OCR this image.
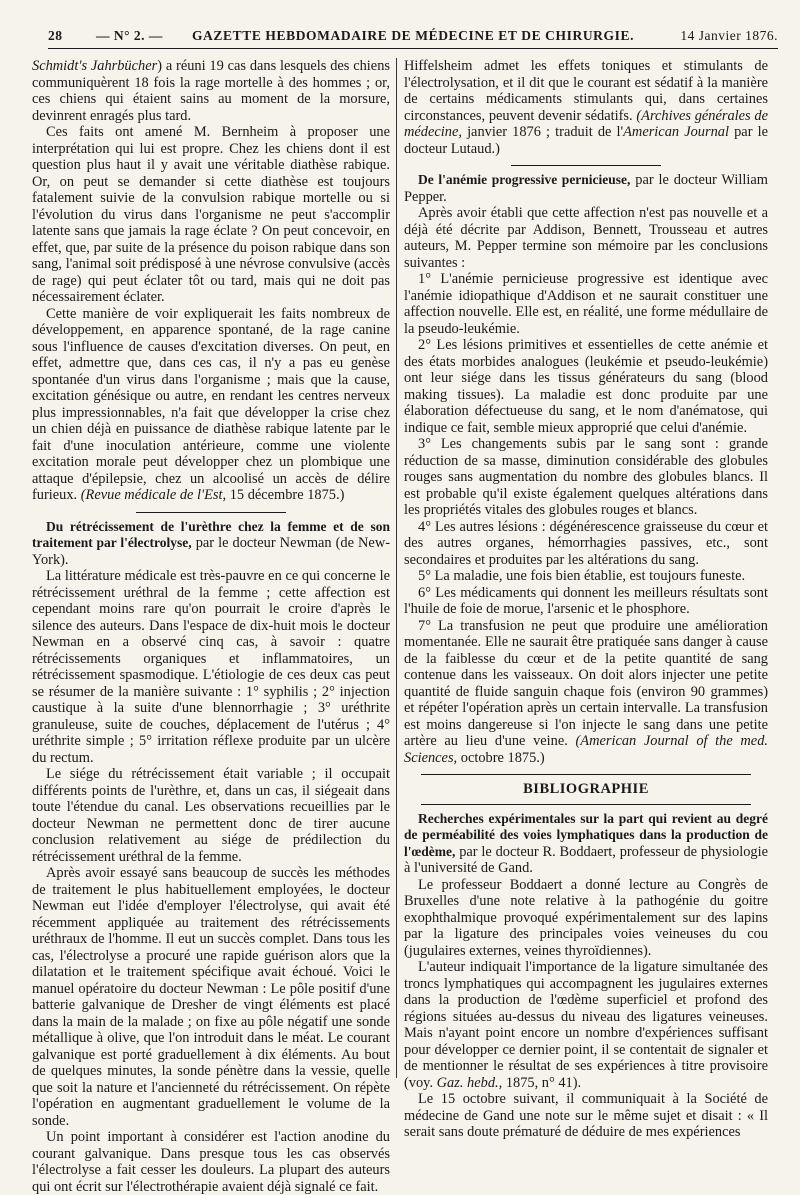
28 — N° 2. —	GAZETTE HEBDOMADAIRE DE MÉDECINE ET DE CHIRURGIE.	14 Janvier 1876.

Schmidt's Jahrbücher) a réuni 19 cas dans lesquels des chiens communiquèrent 18 fois la rage mortelle à des hommes ; or, ces chiens qui étaient sains au moment de la morsure, devinrent enragés plus tard.

Ces faits ont amené M. Bernheim à proposer une interprétation qui lui est propre. Chez les chiens dont il est question plus haut il y avait une véritable diathèse rabique. Or, on peut se demander si cette diathèse est toujours fatalement suivie de la convulsion rabique mortelle ou si l'évolution du virus dans l'organisme ne peut s'accomplir latente sans que jamais la rage éclate ? On peut concevoir, en effet, que, par suite de la présence du poison rabique dans son sang, l'animal soit prédisposé à une névrose convulsive (accès de rage) qui peut éclater tôt ou tard, mais qui ne doit pas nécessairement éclater.

Cette manière de voir expliquerait les faits nombreux de développement, en apparence spontané, de la rage canine sous l'influence de causes d'excitation diverses. On peut, en effet, admettre que, dans ces cas, il n'y a pas eu genèse spontanée d'un virus dans l'organisme ; mais que la cause, excitation génésique ou autre, en rendant les centres nerveux plus impressionnables, n'a fait que développer la crise chez un chien déjà en puissance de diathèse rabique latente par le fait d'une inoculation antérieure, comme une violente excitation morale peut développer chez un plombique une attaque d'épilepsie, chez un alcoolisé un accès de délire furieux. (Revue médicale de l'Est, 15 décembre 1875.)

Du rétrécissement de l'urèthre chez la femme et de son traitement par l'électrolyse, par le docteur Newman (de New-York).

La littérature médicale est très-pauvre en ce qui concerne le rétrécissement uréthral de la femme ; cette affection est cependant moins rare qu'on pourrait le croire d'après le silence des auteurs. Dans l'espace de dix-huit mois le docteur Newman en a observé cinq cas, à savoir : quatre rétrécissements organiques et inflammatoires, un rétrécissement spasmodique. L'étiologie de ces deux cas peut se résumer de la manière suivante : 1° syphilis ; 2° injection caustique à la suite d'une blennorrhagie ; 3° uréthrite granuleuse, suite de couches, déplacement de l'utérus ; 4° uréthrite simple ; 5° irritation réflexe produite par un ulcère du rectum.

Le siége du rétrécissement était variable ; il occupait différents points de l'urèthre, et, dans un cas, il siégeait dans toute l'étendue du canal. Les observations recueillies par le docteur Newman ne permettent donc de tirer aucune conclusion relativement au siége de prédilection du rétrécissement uréthral de la femme.

Après avoir essayé sans beaucoup de succès les méthodes de traitement le plus habituellement employées, le docteur Newman eut l'idée d'employer l'électrolyse, qui avait été récemment appliquée au traitement des rétrécissements uréthraux de l'homme. Il eut un succès complet. Dans tous les cas, l'électrolyse a procuré une rapide guérison alors que la dilatation et le traitement spécifique avait échoué. Voici le manuel opératoire du docteur Newman : Le pôle positif d'une batterie galvanique de Dresher de vingt éléments est placé dans la main de la malade ; on fixe au pôle négatif une sonde métallique à olive, que l'on introduit dans le méat. Le courant galvanique est porté graduellement à dix éléments. Au bout de quelques minutes, la sonde pénètre dans la vessie, quelle que soit la nature et l'ancienneté du rétrécissement. On répète l'opération en augmentant graduellement le volume de la sonde.

Un point important à considérer est l'action anodine du courant galvanique. Dans presque tous les cas observés l'électrolyse a fait cesser les douleurs. La plupart des auteurs qui ont écrit sur l'électrothérapie avaient déjà signalé ce fait.

Hiffelsheim admet les effets toniques et stimulants de l'électrolysation, et il dit que le courant est sédatif à la manière de certains médicaments stimulants qui, dans certaines circonstances, peuvent devenir sédatifs. (Archives générales de médecine, janvier 1876 ; traduit de l'American Journal par le docteur Lutaud.)

De l'anémie progressive pernicieuse, par le docteur William Pepper.

Après avoir établi que cette affection n'est pas nouvelle et a déjà été décrite par Addison, Bennett, Trousseau et autres auteurs, M. Pepper termine son mémoire par les conclusions suivantes :

1° L'anémie pernicieuse progressive est identique avec l'anémie idiopathique d'Addison et ne saurait constituer une affection nouvelle. Elle est, en réalité, une forme médullaire de la pseudo-leukémie.

2° Les lésions primitives et essentielles de cette anémie et des états morbides analogues (leukémie et pseudo-leukémie) ont leur siége dans les tissus générateurs du sang (blood making tissues). La maladie est donc produite par une élaboration défectueuse du sang, et le nom d'anématose, qui indique ce fait, semble mieux approprié que celui d'anémie.

3° Les changements subis par le sang sont : grande réduction de sa masse, diminution considérable des globules rouges sans augmentation du nombre des globules blancs. Il est probable qu'il existe également quelques altérations dans les propriétés vitales des globules rouges et blancs.

4° Les autres lésions : dégénérescence graisseuse du cœur et des autres organes, hémorrhagies passives, etc., sont secondaires et produites par les altérations du sang.

5° La maladie, une fois bien établie, est toujours funeste.

6° Les médicaments qui donnent les meilleurs résultats sont l'huile de foie de morue, l'arsenic et le phosphore.

7° La transfusion ne peut que produire une amélioration momentanée. Elle ne saurait être pratiquée sans danger à cause de la faiblesse du cœur et de la petite quantité de sang contenue dans les vaisseaux. On doit alors injecter une petite quantité de fluide sanguin chaque fois (environ 90 grammes) et répéter l'opération après un certain intervalle. La transfusion est moins dangereuse si l'on injecte le sang dans une petite artère au lieu d'une veine. (American Journal of the med. Sciences, octobre 1875.)

BIBLIOGRAPHIE

Recherches expérimentales sur la part qui revient au degré de perméabilité des voies lymphatiques dans la production de l'œdème, par le docteur R. Boddaert, professeur de physiologie à l'université de Gand.

Le professeur Boddaert a donné lecture au Congrès de Bruxelles d'une note relative à la pathogénie du goitre exophthalmique provoqué expérimentalement sur des lapins par la ligature des principales voies veineuses du cou (jugulaires externes, veines thyroïdiennes).

L'auteur indiquait l'importance de la ligature simultanée des troncs lymphatiques qui accompagnent les jugulaires externes dans la production de l'œdème superficiel et profond des régions situées au-dessus du niveau des ligatures veineuses. Mais n'ayant point encore un nombre d'expériences suffisant pour développer ce dernier point, il se contentait de signaler et de mentionner le résultat de ses expériences à titre provisoire (voy. Gaz. hebd., 1875, n° 41).

Le 15 octobre suivant, il communiquait à la Société de médecine de Gand une note sur le même sujet et disait : « Il serait sans doute prématuré de déduire de mes expériences
